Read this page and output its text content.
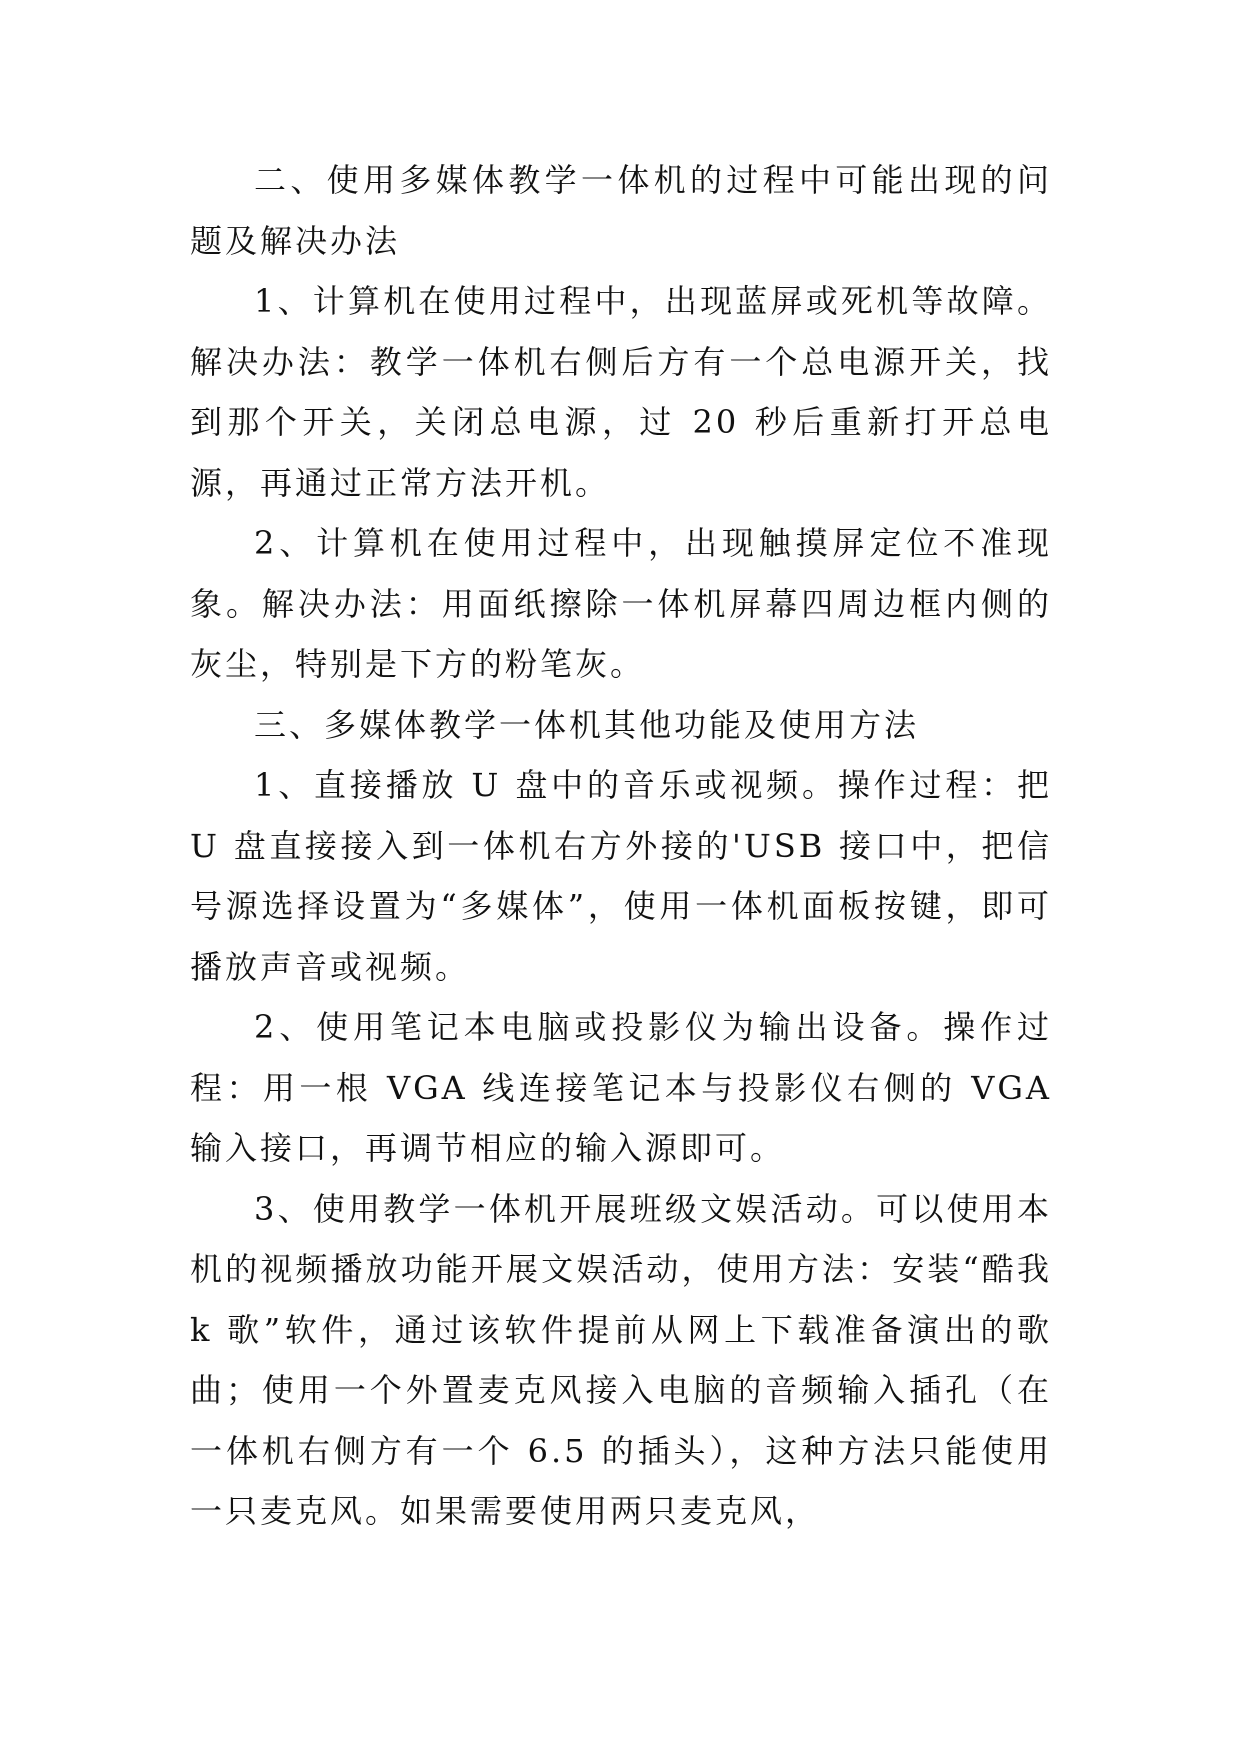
二、使用多媒体教学一体机的过程中可能出现的问题及解决办法

1、计算机在使用过程中，出现蓝屏或死机等故障。解决办法：教学一体机右侧后方有一个总电源开关，找到那个开关，关闭总电源，过 20 秒后重新打开总电源，再通过正常方法开机。

2、计算机在使用过程中，出现触摸屏定位不准现象。解决办法：用面纸擦除一体机屏幕四周边框内侧的灰尘，特别是下方的粉笔灰。

三、多媒体教学一体机其他功能及使用方法

1、直接播放 U 盘中的音乐或视频。操作过程：把 U 盘直接接入到一体机右方外接的'USB 接口中，把信号源选择设置为“多媒体”，使用一体机面板按键，即可播放声音或视频。

2、使用笔记本电脑或投影仪为输出设备。操作过程：用一根 VGA 线连接笔记本与投影仪右侧的 VGA 输入接口，再调节相应的输入源即可。

3、使用教学一体机开展班级文娱活动。可以使用本机的视频播放功能开展文娱活动，使用方法：安装“酷我 k 歌”软件，通过该软件提前从网上下载准备演出的歌曲；使用一个外置麦克风接入电脑的音频输入插孔（在一体机右侧方有一个 6.5 的插头），这种方法只能使用一只麦克风。如果需要使用两只麦克风，
